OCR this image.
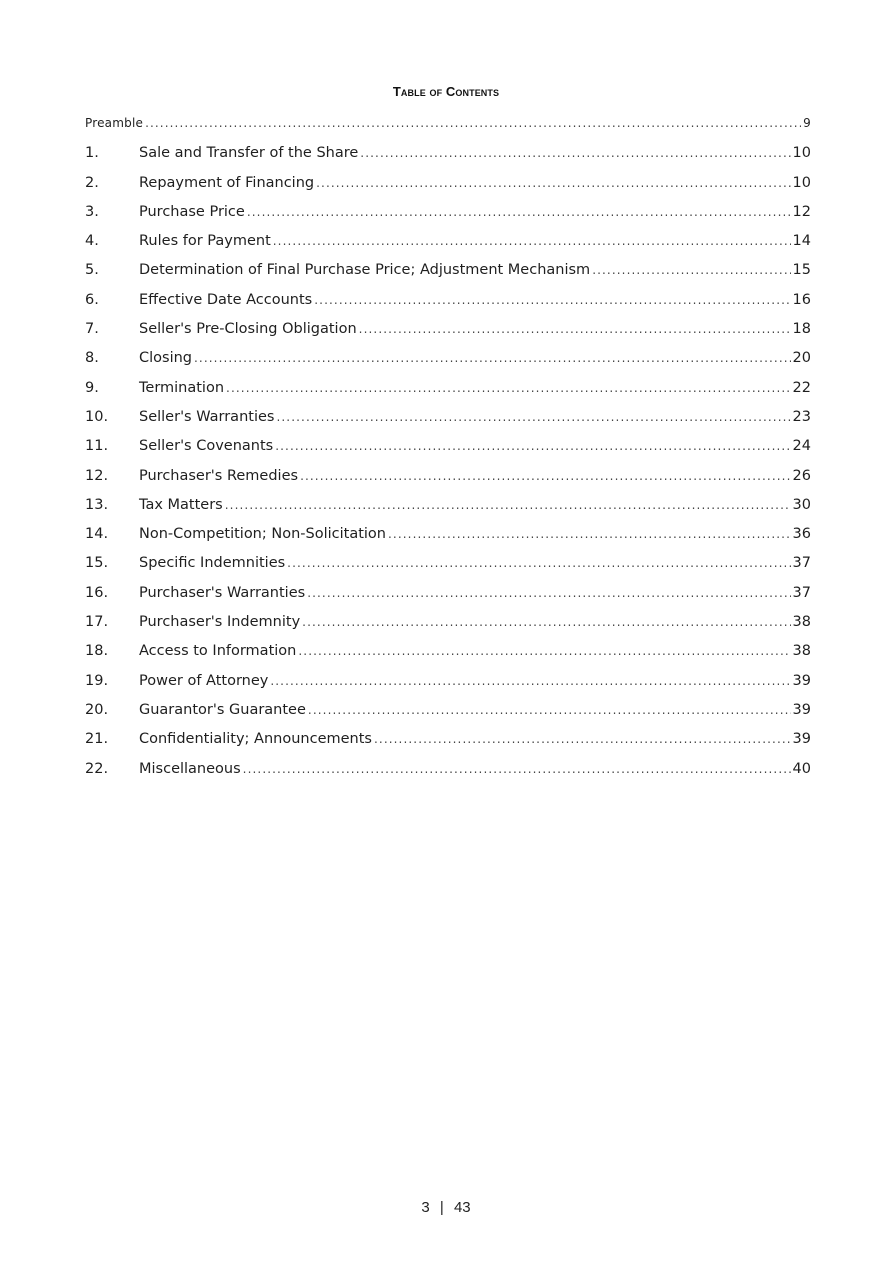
Table of Contents
Preamble .....	9
1.	Sale and Transfer of the Share .....	10
2.	Repayment of Financing .....	10
3.	Purchase Price .....	12
4.	Rules for Payment .....	14
5.	Determination of Final Purchase Price; Adjustment Mechanism .....	15
6.	Effective Date Accounts .....	16
7.	Seller's Pre-Closing Obligation .....	18
8.	Closing .....	20
9.	Termination .....	22
10.	Seller's Warranties .....	23
11.	Seller's Covenants .....	24
12.	Purchaser's Remedies .....	26
13.	Tax Matters .....	30
14.	Non-Competition; Non-Solicitation .....	36
15.	Specific Indemnities .....	37
16.	Purchaser's Warranties .....	37
17.	Purchaser's Indemnity .....	38
18.	Access to Information .....	38
19.	Power of Attorney .....	39
20.	Guarantor's Guarantee .....	39
21.	Confidentiality; Announcements .....	39
22.	Miscellaneous .....	40
3 | 43
